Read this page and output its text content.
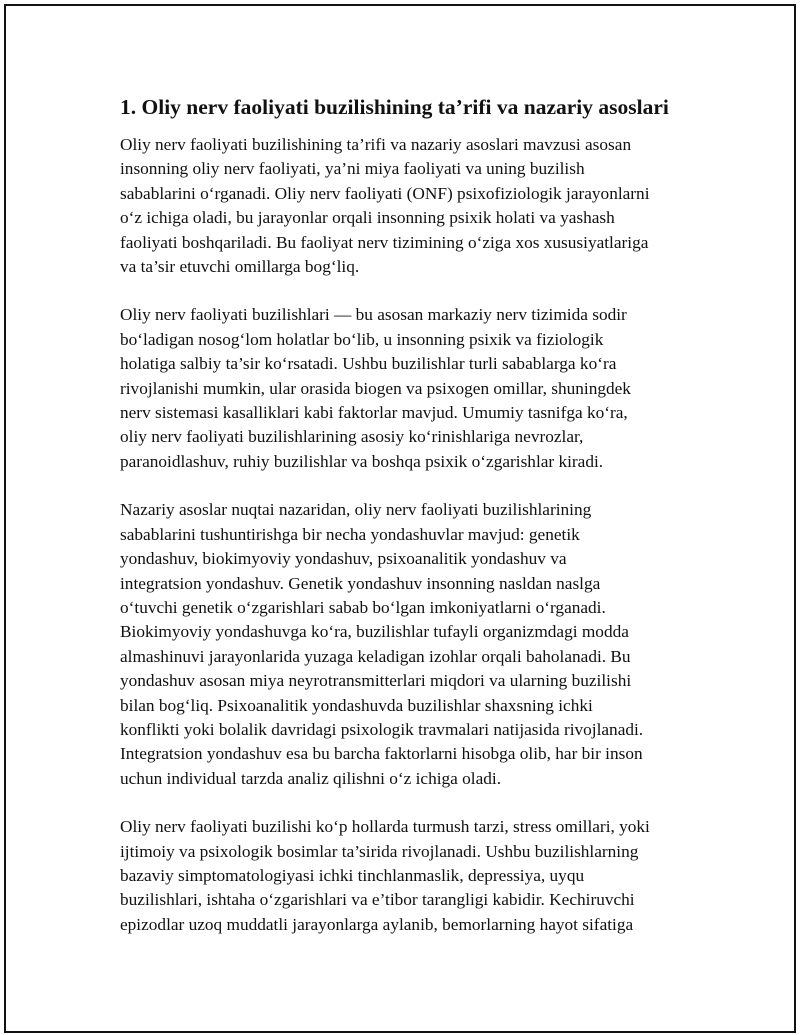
1. Oliy nerv faoliyati buzilishining ta’rifi va nazariy asoslari

Oliy nerv faoliyati buzilishining ta’rifi va nazariy asoslari mavzusi asosan
insonning oliy nerv faoliyati, ya’ni miya faoliyati va uning buzilish
sabablarini o‘rganadi. Oliy nerv faoliyati (ONF) psixofiziologik jarayonlarni
o‘z ichiga oladi, bu jarayonlar orqali insonning psixik holati va yashash
faoliyati boshqariladi. Bu faoliyat nerv tizimining o‘ziga xos xususiyatlariga
va ta’sir etuvchi omillarga bog‘liq.

Oliy nerv faoliyati buzilishlari — bu asosan markaziy nerv tizimida sodir
bo‘ladigan nosog‘lom holatlar bo‘lib, u insonning psixik va fiziologik
holatiga salbiy ta’sir ko‘rsatadi. Ushbu buzilishlar turli sabablarga ko‘ra
rivojlanishi mumkin, ular orasida biogen va psixogen omillar, shuningdek
nerv sistemasi kasalliklari kabi faktorlar mavjud. Umumiy tasnifga ko‘ra,
oliy nerv faoliyati buzilishlarining asosiy ko‘rinishlariga nevrozlar,
paranoidlashuv, ruhiy buzilishlar va boshqa psixik o‘zgarishlar kiradi.

Nazariy asoslar nuqtai nazaridan, oliy nerv faoliyati buzilishlarining
sabablarini tushuntirishga bir necha yondashuvlar mavjud: genetik
yondashuv, biokimyoviy yondashuv, psixoanalitik yondashuv va
integratsion yondashuv. Genetik yondashuv insonning nasldan naslga
o‘tuvchi genetik o‘zgarishlari sabab bo‘lgan imkoniyatlarni o‘rganadi.
Biokimyoviy yondashuvga ko‘ra, buzilishlar tufayli organizmdagi modda
almashinuvi jarayonlarida yuzaga keladigan izohlar orqali baholanadi. Bu
yondashuv asosan miya neyrotransmitterlari miqdori va ularning buzilishi
bilan bog‘liq. Psixoanalitik yondashuvda buzilishlar shaxsning ichki
konflikti yoki bolalik davridagi psixologik travmalari natijasida rivojlanadi.
Integratsion yondashuv esa bu barcha faktorlarni hisobga olib, har bir inson
uchun individual tarzda analiz qilishni o‘z ichiga oladi.

Oliy nerv faoliyati buzilishi ko‘p hollarda turmush tarzi, stress omillari, yoki
ijtimoiy va psixologik bosimlar ta’sirida rivojlanadi. Ushbu buzilishlarning
bazaviy simptomatologiyasi ichki tinchlanmaslik, depressiya, uyqu
buzilishlari, ishtaha o‘zgarishlari va e’tibor tarangligi kabidir. Kechiruvchi
epizodlar uzoq muddatli jarayonlarga aylanib, bemorlarning hayot sifatiga
